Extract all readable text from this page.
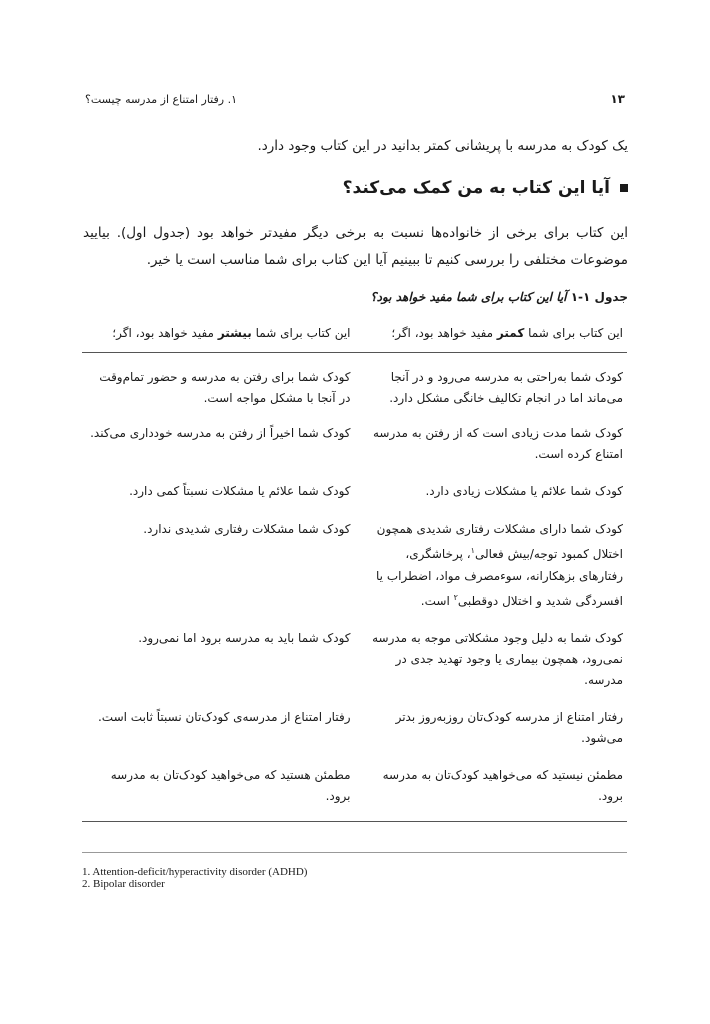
۱. رفتار امتناع از مدرسه چیست؟	۱۳
یک کودک به مدرسه با پریشانی کمتر بدانید در این کتاب وجود دارد.
آیا این کتاب به من کمک می‌کند؟
این کتاب برای برخی از خانواده‌ها نسبت به برخی دیگر مفیدتر خواهد بود (جدول اول). بیایید موضوعات مختلفی را بررسی کنیم تا ببینیم آیا این کتاب برای شما مناسب است یا خیر.
جدول ۱-۱ آیا این کتاب برای شما مفید خواهد بود؟
این کتاب برای شما کمتر مفید خواهد بود، اگر؛
این کتاب برای شما بیشتر مفید خواهد بود، اگر؛
کودک شما به‌راحتی به مدرسه می‌رود و در آنجا می‌ماند اما در انجام تکالیف خانگی مشکل دارد.
کودک شما برای رفتن به مدرسه و حضور تمام‌وقت در آنجا با مشکل مواجه است.
کودک شما مدت زیادی است که از رفتن به مدرسه امتناع کرده است.
کودک شما اخیراً از رفتن به مدرسه خودداری می‌کند.
کودک شما علائم یا مشکلات زیادی دارد.
کودک شما علائم یا مشکلات نسبتاً کمی دارد.
کودک شما دارای مشکلات رفتاری شدیدی همچون اختلال کمبود توجه/بیش فعالی$^۱$، پرخاشگری، رفتارهای بزهکارانه، سوءمصرف مواد، اضطراب یا افسردگی شدید و اختلال دوقطبی$^۲$ است.
کودک شما مشکلات رفتاری شدیدی ندارد.
کودک شما به دلیل وجود مشکلاتی موجه به مدرسه نمی‌رود، همچون بیماری یا وجود تهدید جدی در مدرسه.
کودک شما باید به مدرسه برود اما نمی‌رود.
رفتار امتناع از مدرسه کودک‌تان روزبه‌روز بدتر می‌شود.
رفتار امتناع از مدرسه‌ی کودک‌تان نسبتاً ثابت است.
مطمئن نیستید که می‌خواهید کودک‌تان به مدرسه برود.
مطمئن هستید که می‌خواهید کودک‌تان به مدرسه برود.
1. Attention-deficit/hyperactivity disorder (ADHD)
2. Bipolar disorder
